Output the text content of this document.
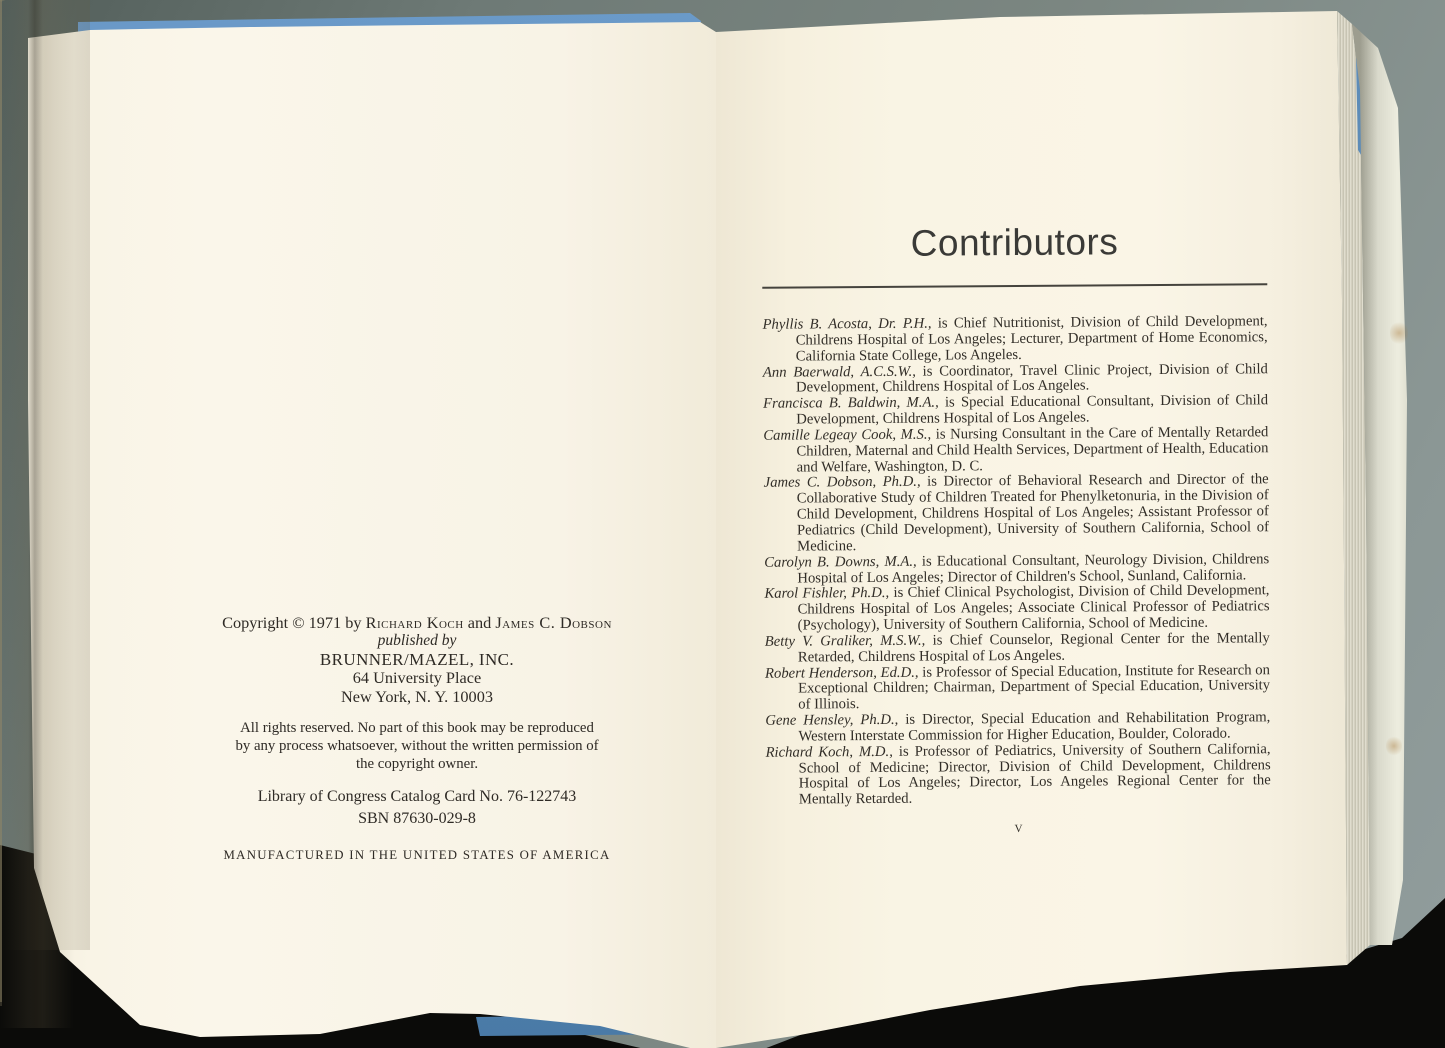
Copyright © 1971 by Richard Koch and James C. Dobson

published by

BRUNNER/MAZEL, INC.

64 University Place

New York, N. Y. 10003

All rights reserved. No part of this book may be reproduced by any process whatsoever, without the written permission of the copyright owner.

Library of Congress Catalog Card No. 76-122743

SBN 87630-029-8

MANUFACTURED IN THE UNITED STATES OF AMERICA

Contributors

Phyllis B. Acosta, Dr. P.H., is Chief Nutritionist, Division of Child Development, Childrens Hospital of Los Angeles; Lecturer, Department of Home Economics, California State College, Los Angeles.

Ann Baerwald, A.C.S.W., is Coordinator, Travel Clinic Project, Division of Child Development, Childrens Hospital of Los Angeles.

Francisca B. Baldwin, M.A., is Special Educational Consultant, Division of Child Development, Childrens Hospital of Los Angeles.

Camille Legeay Cook, M.S., is Nursing Consultant in the Care of Mentally Retarded Children, Maternal and Child Health Services, Department of Health, Education and Welfare, Washington, D. C.

James C. Dobson, Ph.D., is Director of Behavioral Research and Director of the Collaborative Study of Children Treated for Phenylketonuria, in the Division of Child Development, Childrens Hospital of Los Angeles; Assistant Professor of Pediatrics (Child Development), University of Southern California, School of Medicine.

Carolyn B. Downs, M.A., is Educational Consultant, Neurology Division, Childrens Hospital of Los Angeles; Director of Children's School, Sunland, California.

Karol Fishler, Ph.D., is Chief Clinical Psychologist, Division of Child Development, Childrens Hospital of Los Angeles; Associate Clinical Professor of Pediatrics (Psychology), University of Southern California, School of Medicine.

Betty V. Graliker, M.S.W., is Chief Counselor, Regional Center for the Mentally Retarded, Childrens Hospital of Los Angeles.

Robert Henderson, Ed.D., is Professor of Special Education, Institute for Research on Exceptional Children; Chairman, Department of Special Education, University of Illinois.

Gene Hensley, Ph.D., is Director, Special Education and Rehabilitation Program, Western Interstate Commission for Higher Education, Boulder, Colorado.

Richard Koch, M.D., is Professor of Pediatrics, University of Southern California, School of Medicine; Director, Division of Child Development, Childrens Hospital of Los Angeles; Director, Los Angeles Regional Center for the Mentally Retarded.

v
